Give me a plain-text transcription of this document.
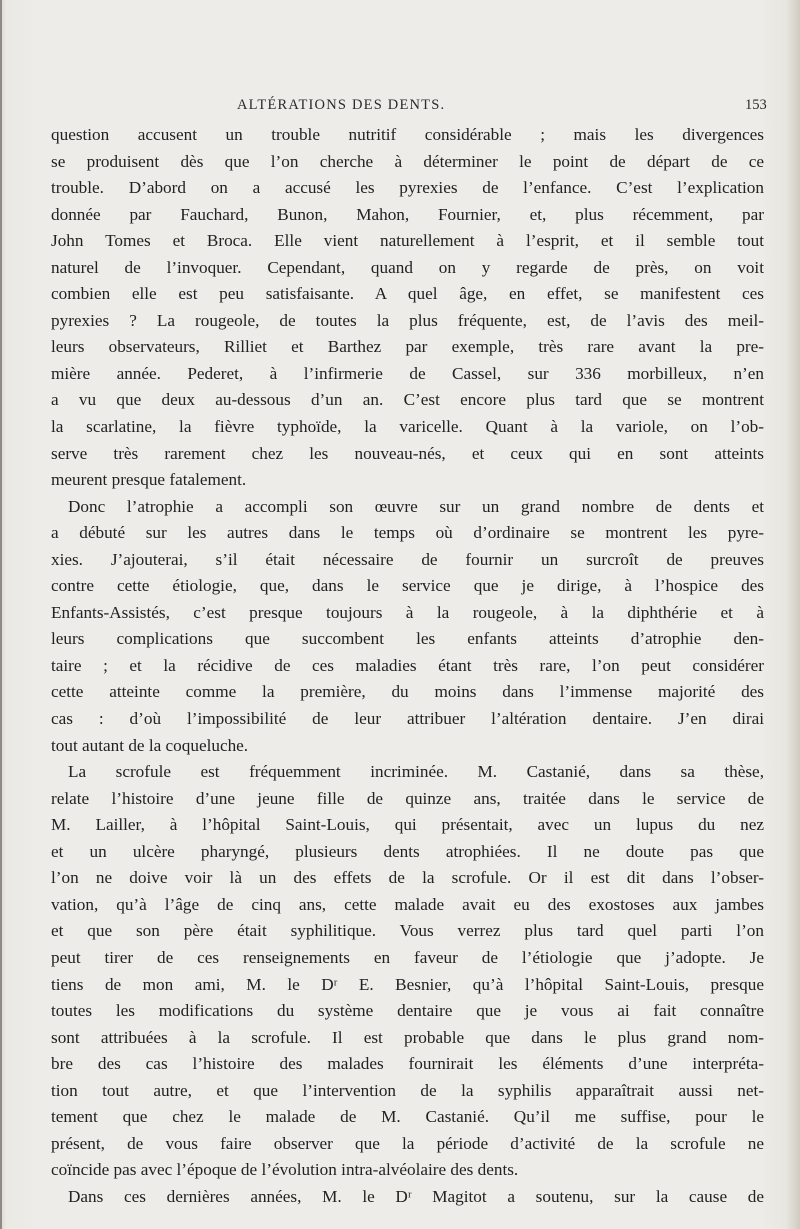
ALTÉRATIONS DES DENTS.	153
question accusent un trouble nutritif considérable ; mais les divergences
se produisent dès que l’on cherche à déterminer le point de départ de ce
trouble. D’abord on a accusé les pyrexies de l’enfance. C’est l’explication
donnée par Fauchard, Bunon, Mahon, Fournier, et, plus récemment, par
John Tomes et Broca. Elle vient naturellement à l’esprit, et il semble tout
naturel de l’invoquer. Cependant, quand on y regarde de près, on voit
combien elle est peu satisfaisante. A quel âge, en effet, se manifestent ces
pyrexies ? La rougeole, de toutes la plus fréquente, est, de l’avis des meil-
leurs observateurs, Rilliet et Barthez par exemple, très rare avant la pre-
mière année. Pederet, à l’infirmerie de Cassel, sur 336 morbilleux, n’en
a vu que deux au-dessous d’un an. C’est encore plus tard que se montrent
la scarlatine, la fièvre typhoïde, la varicelle. Quant à la variole, on l’ob-
serve très rarement chez les nouveau-nés, et ceux qui en sont atteints
meurent presque fatalement.
Donc l’atrophie a accompli son œuvre sur un grand nombre de dents et
a débuté sur les autres dans le temps où d’ordinaire se montrent les pyre-
xies. J’ajouterai, s’il était nécessaire de fournir un surcroît de preuves
contre cette étiologie, que, dans le service que je dirige, à l’hospice des
Enfants-Assistés, c’est presque toujours à la rougeole, à la diphthérie et à
leurs complications que succombent les enfants atteints d’atrophie den-
taire ; et la récidive de ces maladies étant très rare, l’on peut considérer
cette atteinte comme la première, du moins dans l’immense majorité des
cas : d’où l’impossibilité de leur attribuer l’altération dentaire. J’en dirai
tout autant de la coqueluche.
La scrofule est fréquemment incriminée. M. Castanié, dans sa thèse,
relate l’histoire d’une jeune fille de quinze ans, traitée dans le service de
M. Lailler, à l’hôpital Saint-Louis, qui présentait, avec un lupus du nez
et un ulcère pharyngé, plusieurs dents atrophiées. Il ne doute pas que
l’on ne doive voir là un des effets de la scrofule. Or il est dit dans l’obser-
vation, qu’à l’âge de cinq ans, cette malade avait eu des exostoses aux jambes
et que son père était syphilitique. Vous verrez plus tard quel parti l’on
peut tirer de ces renseignements en faveur de l’étiologie que j’adopte. Je
tiens de mon ami, M. le Dʳ E. Besnier, qu’à l’hôpital Saint-Louis, presque
toutes les modifications du système dentaire que je vous ai fait connaître
sont attribuées à la scrofule. Il est probable que dans le plus grand nom-
bre des cas l’histoire des malades fournirait les éléments d’une interpréta-
tion tout autre, et que l’intervention de la syphilis apparaîtrait aussi net-
tement que chez le malade de M. Castanié. Qu’il me suffise, pour le
présent, de vous faire observer que la période d’activité de la scrofule ne
coïncide pas avec l’époque de l’évolution intra-alvéolaire des dents.
Dans ces dernières années, M. le Dʳ Magitot a soutenu, sur la cause de
